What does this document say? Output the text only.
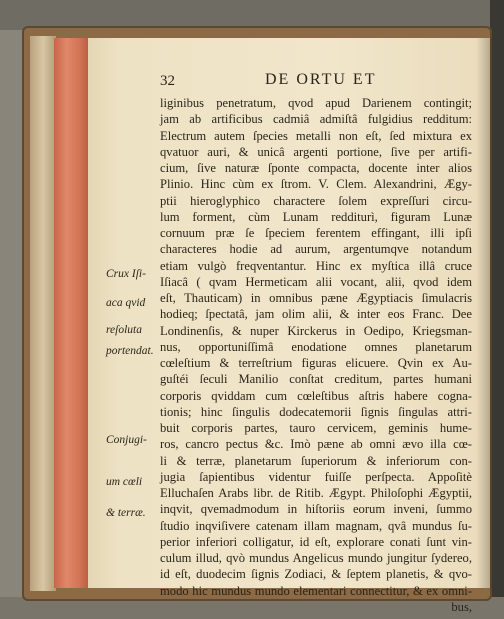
32	DE ORTU ET
liginibus penetratum, qvod apud Darienem contingit;
jam ab artificibus cadmiâ admiſtâ fulgidius redditum:
Electrum autem ſpecies metalli non eſt, ſed mixtura ex
qvatuor auri, & unicâ argenti portione, ſive per artifi-
cium, ſive naturæ ſponte compacta, docente inter alios
Plinio. Hinc cùm ex ſtrom. V. Clem. Alexandrini, Ægy-
ptii hieroglyphico charactere ſolem expreſſuri circu-
lum forment, cùm Lunam redditurì, figuram Lunæ
cornuum præ ſe ſpeciem ferentem effingant, illi ipſi
characteres hodie ad aurum, argentumqve notandum
etiam vulgò freqventantur. Hinc ex myſtica illâ cruce
Iſiacâ ( qvam Hermeticam alii vocant, alii, qvod idem
eſt, Thauticam) in omnibus pæne Ægyptiacis ſimulacris
hodieq; ſpectatâ, jam olim alii, & inter eos Franc. Dee
Londinenſis, & nuper Kirckerus in Oedipo, Kriegsman-
nus, opportuniſſimâ enodatione omnes planetarum
cœleſtium & terreſtrium figuras elicuere. Qvin ex Au-
guſtéi ſeculi Manilio conſtat creditum, partes humani
corporis qviddam cum cœleſtibus aſtris habere cogna-
tionis; hinc ſingulis dodecatemorii ſignis ſingulas attri-
buit corporis partes, tauro cervicem, geminis hume-
ros, cancro pectus &c. Imò pæne ab omni ævo illa cœ-
li & terræ, planetarum ſuperiorum & inferiorum con-
jugia ſapientibus videntur fuiſſe perſpecta. Appoſitè
Elluchaſen Arabs libr. de Ritib. Ægypt. Philoſophi Ægyptii,
inqvit, qvemadmodum in hiſtoriis eorum inveni, ſummo
ſtudio inqviſivere catenam illam magnam, qvâ mundus ſu-
perior inferiori colligatur, id eſt, explorare conati ſunt vin-
culum illud, qvò mundus Angelicus mundo jungitur ſydereo,
id eſt, duodecim ſignis Zodiaci, & ſeptem planetis, & qvo-
modo hic mundus mundo elementari connectitur, & ex omni-
bus,
Crux Iſi-
aca qvid
reſoluta
portendat.
Conjugi-
um cœli
& terræ.
